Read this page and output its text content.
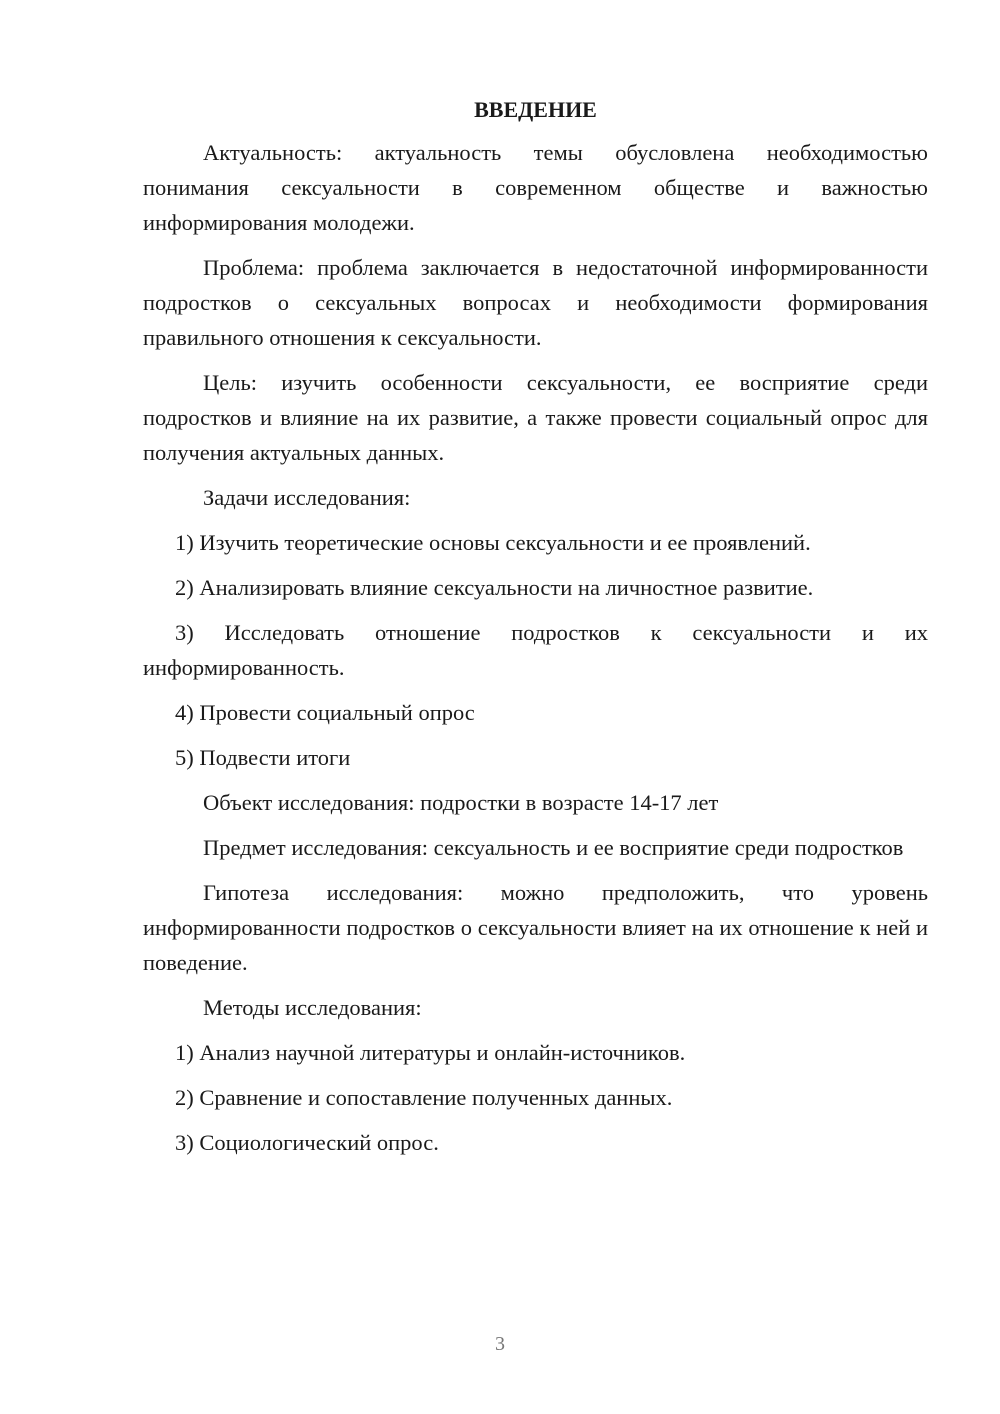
ВВЕДЕНИЕ

Актуальность: актуальность темы обусловлена необходимостью понимания сексуальности в современном обществе и важностью информирования молодежи.

Проблема: проблема заключается в недостаточной информированности подростков о сексуальных вопросах и необходимости формирования правильного отношения к сексуальности.

Цель: изучить особенности сексуальности, ее восприятие среди подростков и влияние на их развитие, а также провести социальный опрос для получения актуальных данных.

Задачи исследования:

1) Изучить теоретические основы сексуальности и ее проявлений.

2) Анализировать влияние сексуальности на личностное развитие.

3) Исследовать отношение подростков к сексуальности и их информированность.

4) Провести социальный опрос

5) Подвести итоги

Объект исследования: подростки в возрасте 14-17 лет

Предмет исследования: сексуальность и ее восприятие среди подростков

Гипотеза исследования: можно предположить, что уровень информированности подростков о сексуальности влияет на их отношение к ней и поведение.

Методы исследования:

1) Анализ научной литературы и онлайн-источников.

2) Сравнение и сопоставление полученных данных.

3) Социологический опрос.

3
